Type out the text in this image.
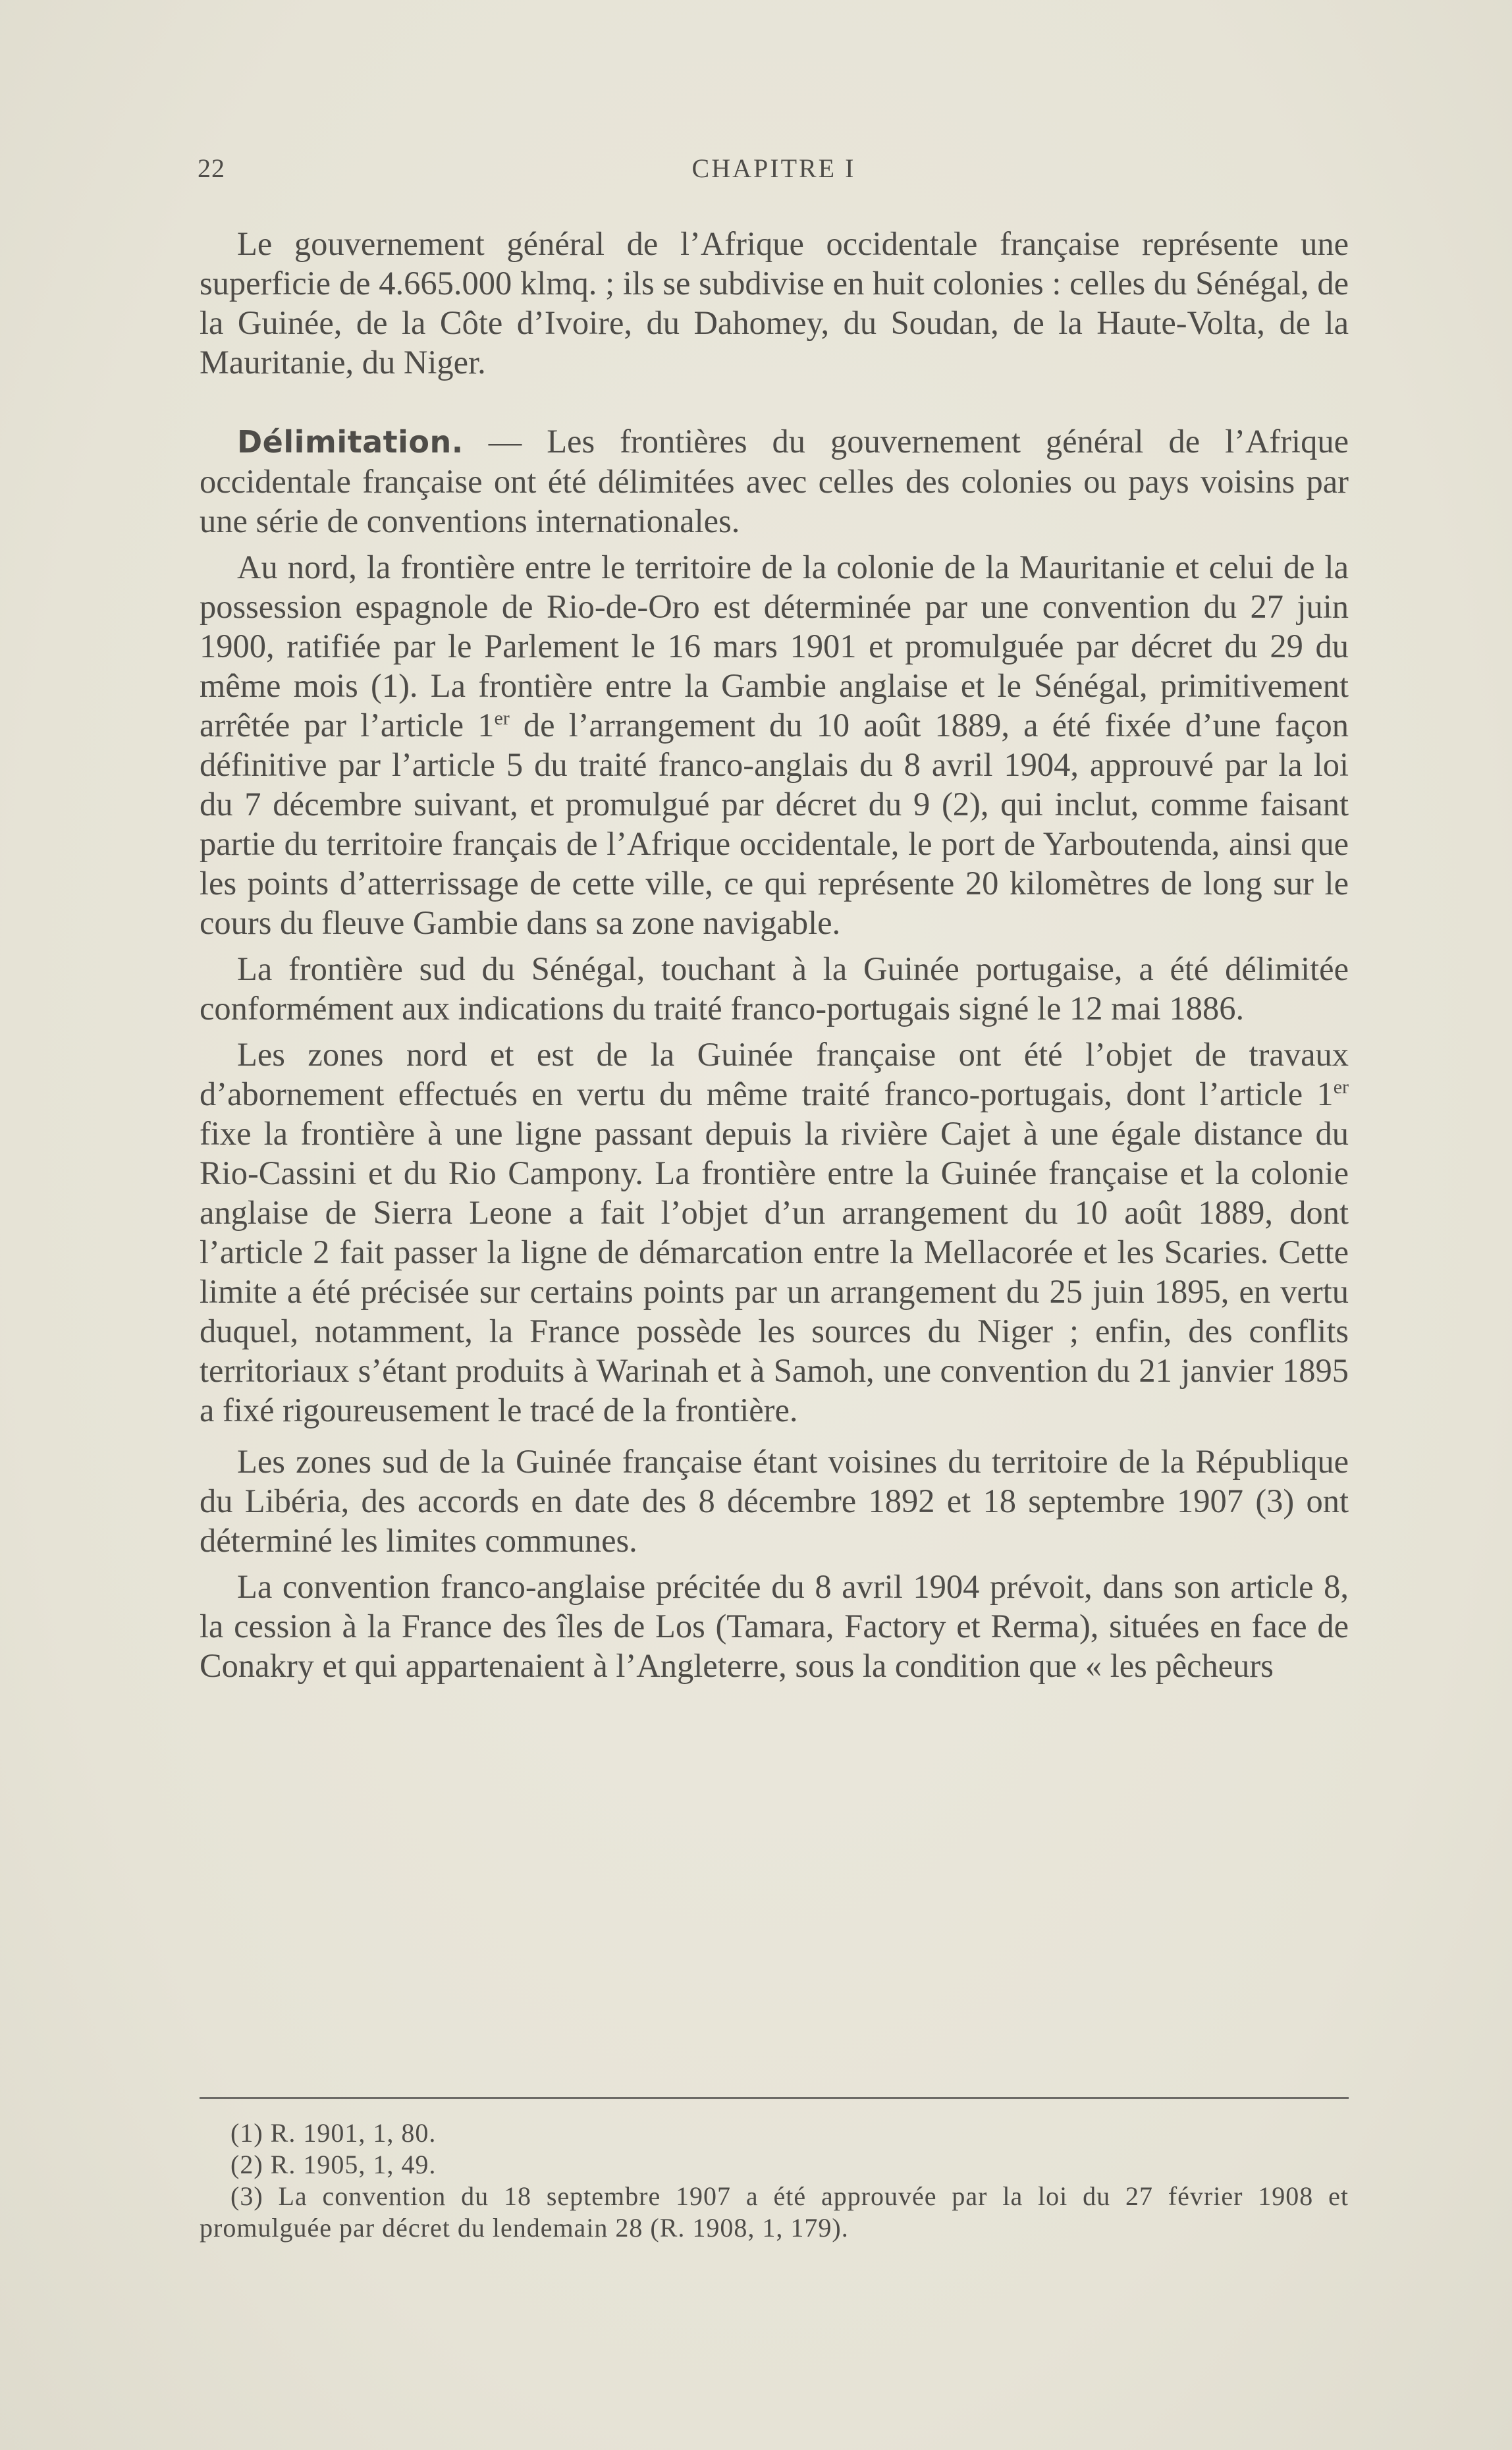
22	CHAPITRE I

Le gouvernement général de l’Afrique occidentale française représente une superficie de 4.665.000 klmq. ; ils se subdivise en huit colonies : celles du Sénégal, de la Guinée, de la Côte d’Ivoire, du Dahomey, du Soudan, de la Haute-Volta, de la Mauritanie, du Niger.

Délimitation. — Les frontières du gouvernement général de l’Afrique occidentale française ont été délimitées avec celles des colonies ou pays voisins par une série de conventions internationales.

Au nord, la frontière entre le territoire de la colonie de la Mauritanie et celui de la possession espagnole de Rio-de-Oro est déterminée par une convention du 27 juin 1900, ratifiée par le Parlement le 16 mars 1901 et promulguée par décret du 29 du même mois (1). La frontière entre la Gambie anglaise et le Sénégal, primitivement arrêtée par l’article 1er de l’arrangement du 10 août 1889, a été fixée d’une façon définitive par l’article 5 du traité franco-anglais du 8 avril 1904, approuvé par la loi du 7 décembre suivant, et promulgué par décret du 9 (2), qui inclut, comme faisant partie du territoire français de l’Afrique occidentale, le port de Yarboutenda, ainsi que les points d’atterrissage de cette ville, ce qui représente 20 kilomètres de long sur le cours du fleuve Gambie dans sa zone navigable.

La frontière sud du Sénégal, touchant à la Guinée portugaise, a été délimitée conformément aux indications du traité franco-portugais signé le 12 mai 1886.

Les zones nord et est de la Guinée française ont été l’objet de travaux d’abornement effectués en vertu du même traité franco-portugais, dont l’article 1er fixe la frontière à une ligne passant depuis la rivière Cajet à une égale distance du Rio-Cassini et du Rio Campony. La frontière entre la Guinée française et la colonie anglaise de Sierra Leone a fait l’objet d’un arrangement du 10 août 1889, dont l’article 2 fait passer la ligne de démarcation entre la Mellacorée et les Scaries. Cette limite a été précisée sur certains points par un arrangement du 25 juin 1895, en vertu duquel, notamment, la France possède les sources du Niger ; enfin, des conflits territoriaux s’étant produits à Warinah et à Samoh, une convention du 21 janvier 1895 a fixé rigoureusement le tracé de la frontière.

Les zones sud de la Guinée française étant voisines du territoire de la République du Libéria, des accords en date des 8 décembre 1892 et 18 septembre 1907 (3) ont déterminé les limites communes.

La convention franco-anglaise précitée du 8 avril 1904 prévoit, dans son article 8, la cession à la France des îles de Los (Tamara, Factory et Rerma), situées en face de Conakry et qui appartenaient à l’Angleterre, sous la condition que « les pêcheurs

(1) R. 1901, 1, 80.

(2) R. 1905, 1, 49.

(3) La convention du 18 septembre 1907 a été approuvée par la loi du 27 février 1908 et promulguée par décret du lendemain 28 (R. 1908, 1, 179).
